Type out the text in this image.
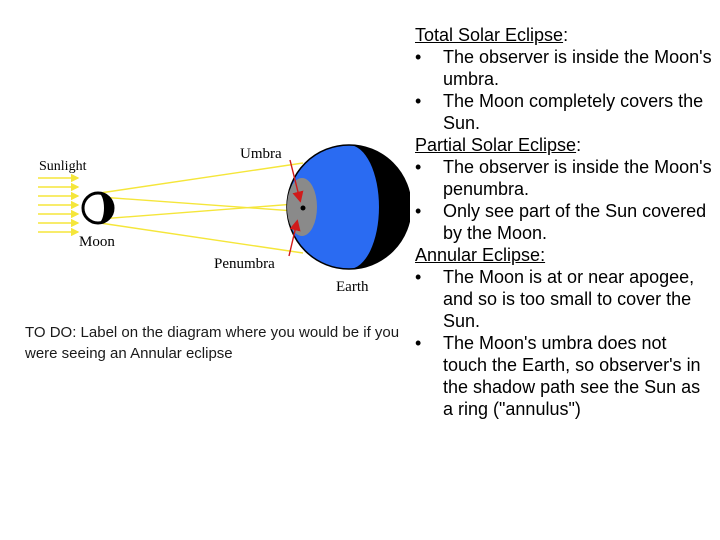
Sunlight
Moon
Umbra
Penumbra
Earth
TO DO: Label on the diagram where you would be if you were seeing an Annular eclipse
Total Solar Eclipse:
• The observer is inside the Moon's umbra.
• The Moon completely covers the Sun.
Partial Solar Eclipse:
• The observer is inside the Moon's penumbra.
• Only see part of the Sun covered by the Moon.
Annular Eclipse:
• The Moon is at or near apogee, and so is too small to cover the Sun.
• The Moon's umbra does not touch the Earth, so observer's in the shadow path see the Sun as a ring ("annulus")
